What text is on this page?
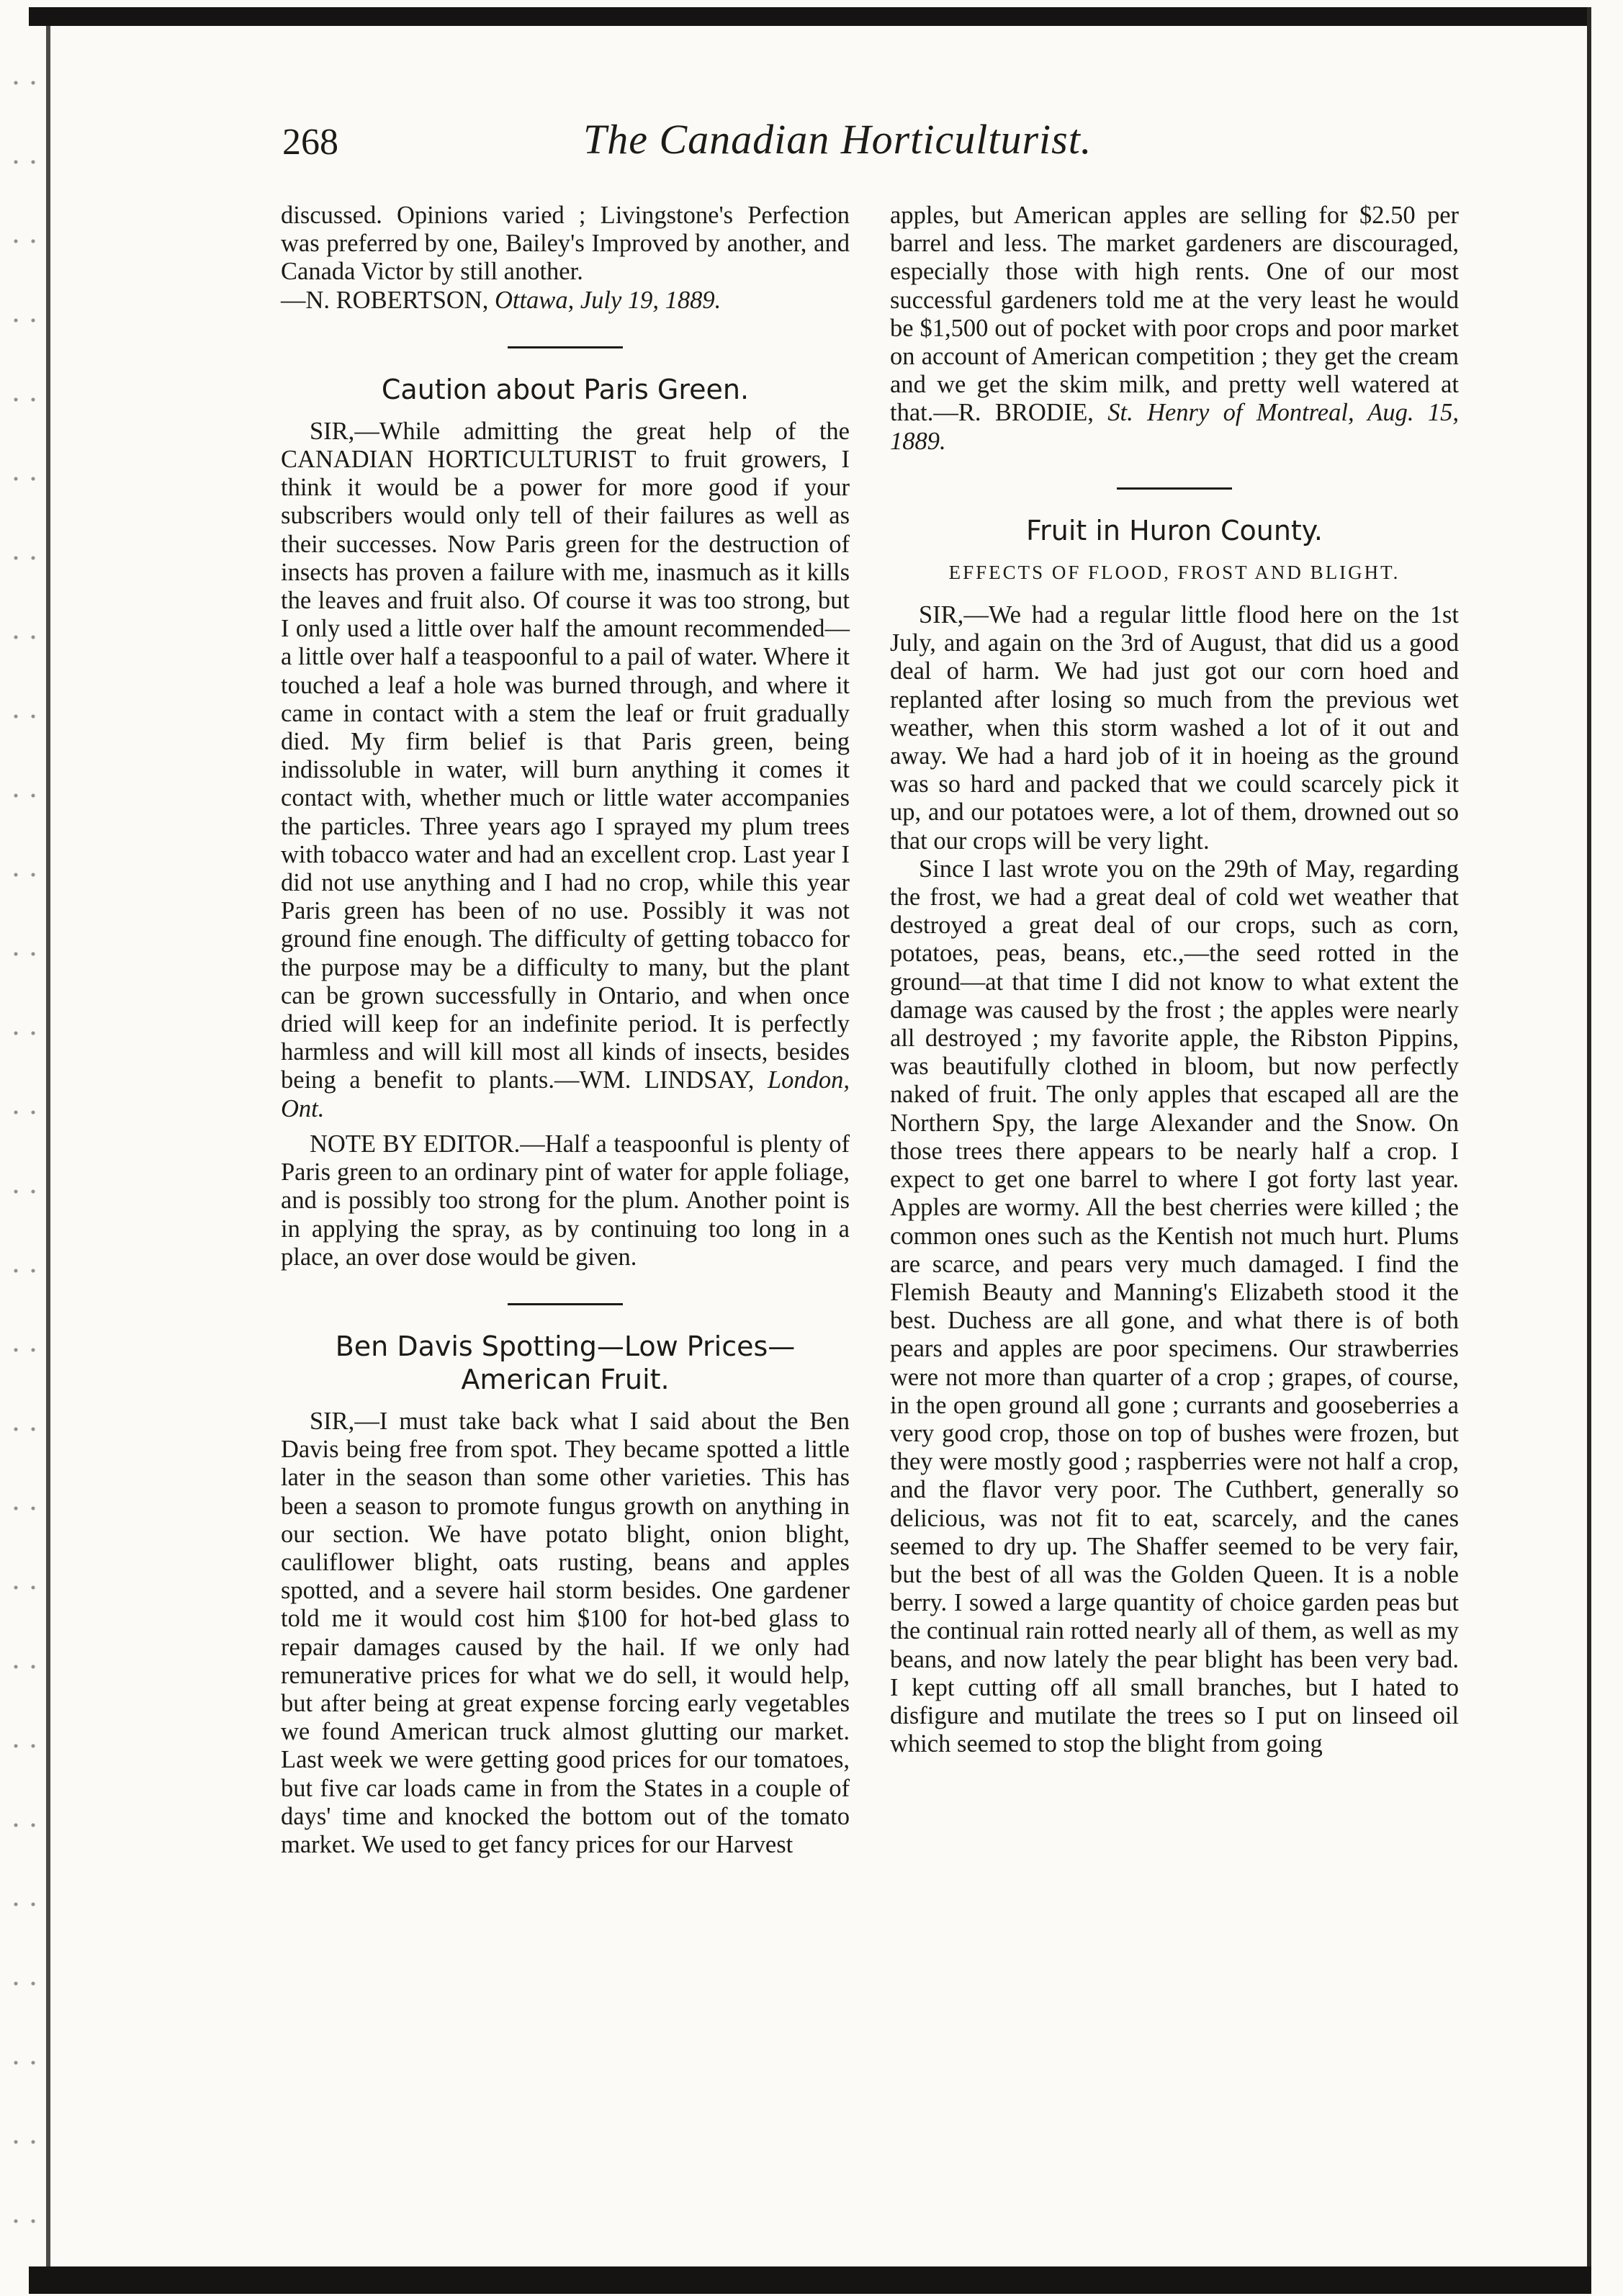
268	The Canadian Horticulturist.

discussed. Opinions varied ; Livingstone's Perfection was preferred by one, Bailey's Improved by another, and Canada Victor by still another.
—N. ROBERTSON, Ottawa, July 19, 1889.

Caution about Paris Green.

SIR,—While admitting the great help of the CANADIAN HORTICULTURIST to fruit growers, I think it would be a power for more good if your subscribers would only tell of their failures as well as their successes. Now Paris green for the destruction of insects has proven a failure with me, inasmuch as it kills the leaves and fruit also. Of course it was too strong, but I only used a little over half the amount recommended—a little over half a teaspoonful to a pail of water. Where it touched a leaf a hole was burned through, and where it came in contact with a stem the leaf or fruit gradually died. My firm belief is that Paris green, being indissoluble in water, will burn anything it comes it contact with, whether much or little water accompanies the particles. Three years ago I sprayed my plum trees with tobacco water and had an excellent crop. Last year I did not use anything and I had no crop, while this year Paris green has been of no use. Possibly it was not ground fine enough. The difficulty of getting tobacco for the purpose may be a difficulty to many, but the plant can be grown successfully in Ontario, and when once dried will keep for an indefinite period. It is perfectly harmless and will kill most all kinds of insects, besides being a benefit to plants.—WM. LINDSAY, London, Ont.

NOTE BY EDITOR.—Half a teaspoonful is plenty of Paris green to an ordinary pint of water for apple foliage, and is possibly too strong for the plum. Another point is in applying the spray, as by continuing too long in a place, an over dose would be given.

Ben Davis Spotting—Low Prices—American Fruit.

SIR,—I must take back what I said about the Ben Davis being free from spot. They became spotted a little later in the season than some other varieties. This has been a season to promote fungus growth on anything in our section. We have potato blight, onion blight, cauliflower blight, oats rusting, beans and apples spotted, and a severe hail storm besides. One gardener told me it would cost him $100 for hot-bed glass to repair damages caused by the hail. If we only had remunerative prices for what we do sell, it would help, but after being at great expense forcing early vegetables we found American truck almost glutting our market. Last week we were getting good prices for our tomatoes, but five car loads came in from the States in a couple of days' time and knocked the bottom out of the tomato market. We used to get fancy prices for our Harvest

apples, but American apples are selling for $2.50 per barrel and less. The market gardeners are discouraged, especially those with high rents. One of our most successful gardeners told me at the very least he would be $1,500 out of pocket with poor crops and poor market on account of American competition ; they get the cream and we get the skim milk, and pretty well watered at that.—R. BRODIE, St. Henry of Montreal, Aug. 15, 1889.

Fruit in Huron County.
EFFECTS OF FLOOD, FROST AND BLIGHT.

SIR,—We had a regular little flood here on the 1st July, and again on the 3rd of August, that did us a good deal of harm. We had just got our corn hoed and replanted after losing so much from the previous wet weather, when this storm washed a lot of it out and away. We had a hard job of it in hoeing as the ground was so hard and packed that we could scarcely pick it up, and our potatoes were, a lot of them, drowned out so that our crops will be very light.

Since I last wrote you on the 29th of May, regarding the frost, we had a great deal of cold wet weather that destroyed a great deal of our crops, such as corn, potatoes, peas, beans, etc.,—the seed rotted in the ground—at that time I did not know to what extent the damage was caused by the frost ; the apples were nearly all destroyed ; my favorite apple, the Ribston Pippins, was beautifully clothed in bloom, but now perfectly naked of fruit. The only apples that escaped all are the Northern Spy, the large Alexander and the Snow. On those trees there appears to be nearly half a crop. I expect to get one barrel to where I got forty last year. Apples are wormy. All the best cherries were killed ; the common ones such as the Kentish not much hurt. Plums are scarce, and pears very much damaged. I find the Flemish Beauty and Manning's Elizabeth stood it the best. Duchess are all gone, and what there is of both pears and apples are poor specimens. Our strawberries were not more than quarter of a crop ; grapes, of course, in the open ground all gone ; currants and gooseberries a very good crop, those on top of bushes were frozen, but they were mostly good ; raspberries were not half a crop, and the flavor very poor. The Cuthbert, generally so delicious, was not fit to eat, scarcely, and the canes seemed to dry up. The Shaffer seemed to be very fair, but the best of all was the Golden Queen. It is a noble berry. I sowed a large quantity of choice garden peas but the continual rain rotted nearly all of them, as well as my beans, and now lately the pear blight has been very bad. I kept cutting off all small branches, but I hated to disfigure and mutilate the trees so I put on linseed oil which seemed to stop the blight from going
